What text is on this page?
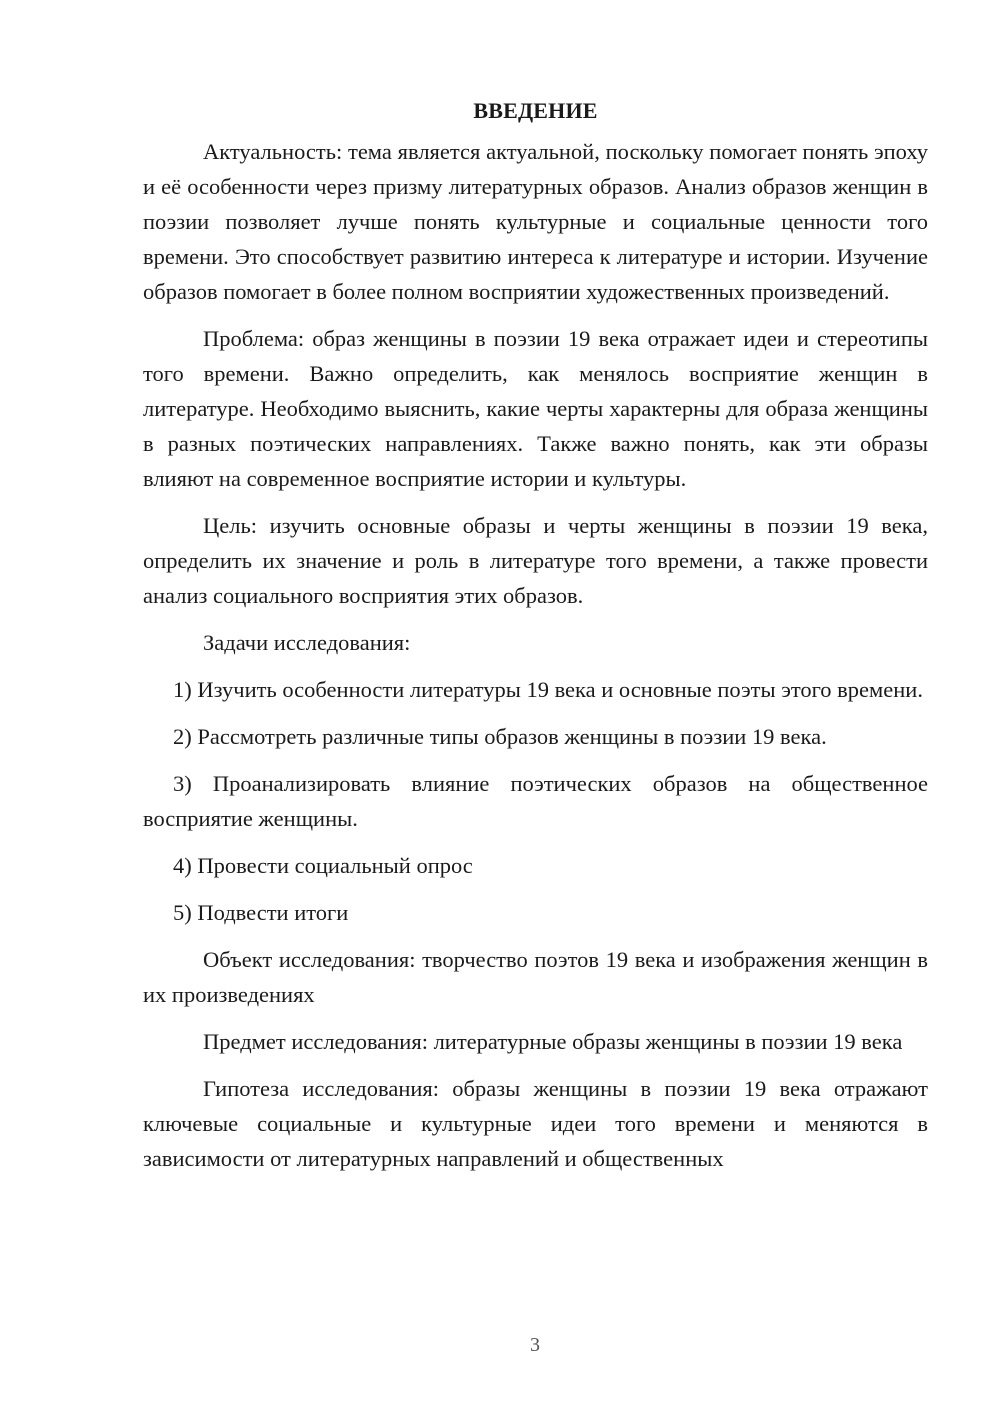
ВВЕДЕНИЕ

Актуальность: тема является актуальной, поскольку помогает понять эпоху и её особенности через призму литературных образов. Анализ образов женщин в поэзии позволяет лучше понять культурные и социальные ценности того времени. Это способствует развитию интереса к литературе и истории. Изучение образов помогает в более полном восприятии художественных произведений.

Проблема: образ женщины в поэзии 19 века отражает идеи и стереотипы того времени. Важно определить, как менялось восприятие женщин в литературе. Необходимо выяснить, какие черты характерны для образа женщины в разных поэтических направлениях. Также важно понять, как эти образы влияют на современное восприятие истории и культуры.

Цель: изучить основные образы и черты женщины в поэзии 19 века, определить их значение и роль в литературе того времени, а также провести анализ социального восприятия этих образов.

Задачи исследования:

1) Изучить особенности литературы 19 века и основные поэты этого времени.

2) Рассмотреть различные типы образов женщины в поэзии 19 века.

3) Проанализировать влияние поэтических образов на общественное восприятие женщины.

4) Провести социальный опрос

5) Подвести итоги

Объект исследования: творчество поэтов 19 века и изображения женщин в их произведениях

Предмет исследования: литературные образы женщины в поэзии 19 века

Гипотеза исследования: образы женщины в поэзии 19 века отражают ключевые социальные и культурные идеи того времени и меняются в зависимости от литературных направлений и общественных

3
